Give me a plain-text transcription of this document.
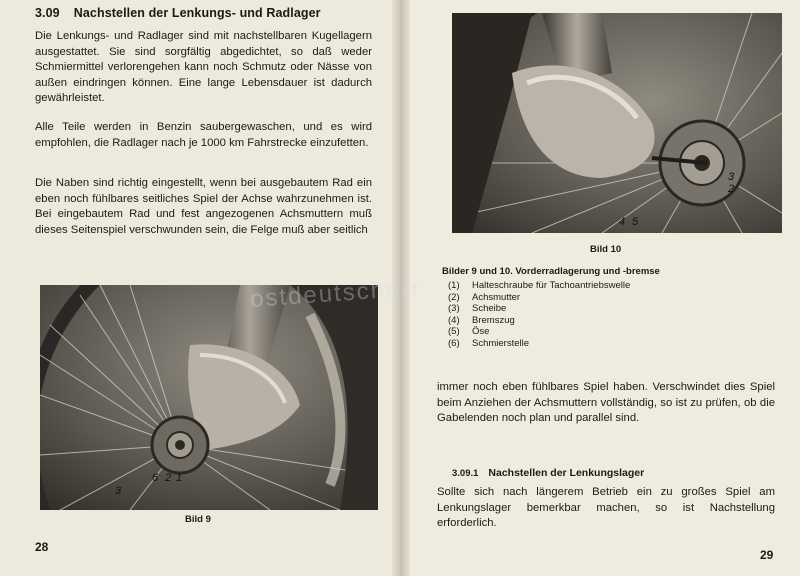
3.09 Nachstellen der Lenkungs- und Radlager

Die Lenkungs- und Radlager sind mit nachstellbaren Kugellagern ausgestattet. Sie sind sorgfältig abgedichtet, so daß weder Schmiermittel verlorengehen kann noch Schmutz oder Nässe von außen eindringen können. Eine lange Lebensdauer ist dadurch gewährleistet.

Alle Teile werden in Benzin saubergewaschen, und es wird empfohlen, die Radlager nach je 1000 km Fahrstrecke einzufetten.

Die Naben sind richtig eingestellt, wenn bei ausgebautem Rad ein eben noch fühlbares seitliches Spiel der Achse wahrzunehmen ist. Bei eingebautem Rad und fest angezogenen Achsmuttern muß dieses Seitenspiel verschwunden sein, die Felge muß aber seitlich

3
6 2 1

Bild 9

28

3
2
4 5

Bild 10

Bilder 9 und 10. Vorderradlagerung und -bremse

(1) Halteschraube für Tachoantriebswelle
(2) Achsmutter
(3) Scheibe
(4) Bremszug
(5) Öse
(6) Schmierstelle

immer noch eben fühlbares Spiel haben. Verschwindet dies Spiel beim Anziehen der Achsmuttern vollständig, so ist zu prüfen, ob die Gabelenden noch plan und parallel sind.

3.09.1 Nachstellen der Lenkungslager

Sollte sich nach längerem Betrieb ein zu großes Spiel am Lenkungslager bemerkbar machen, so ist Nachstellung erforderlich.

29

ostdeutsche-r
